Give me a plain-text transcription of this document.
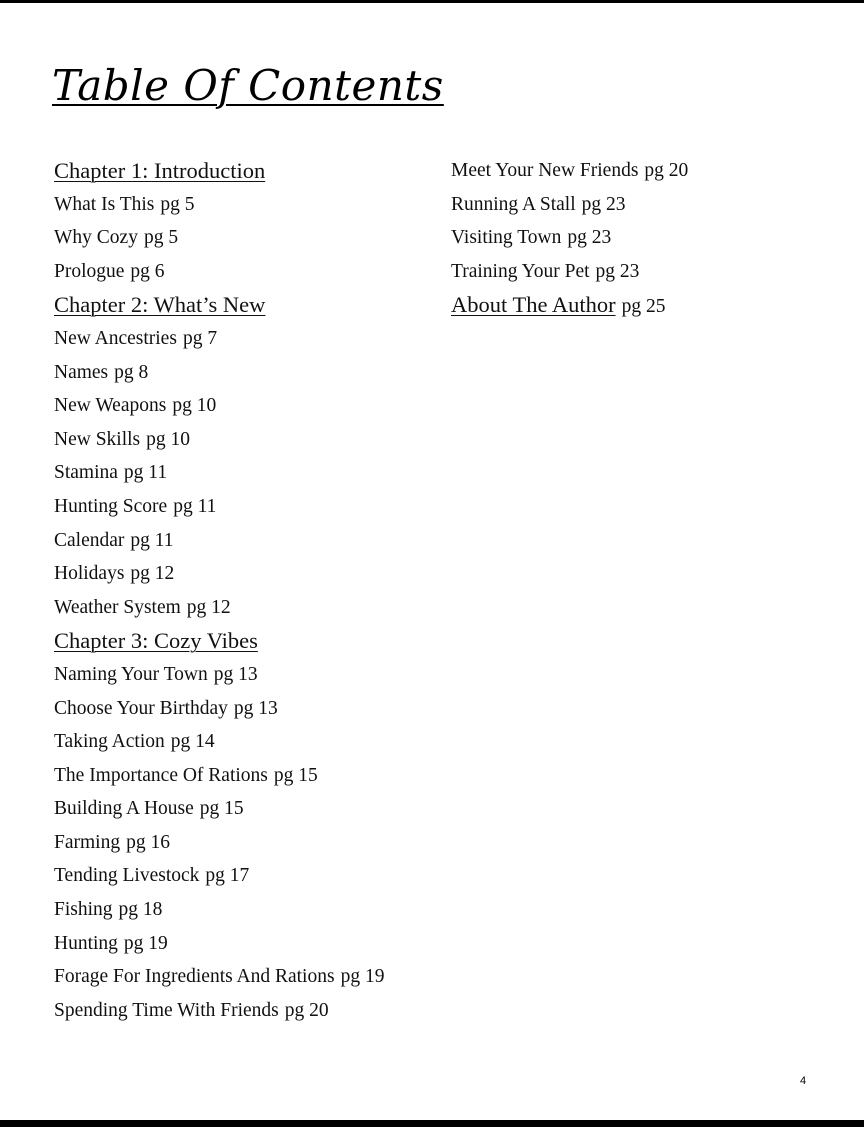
Table Of Contents
Chapter 1: Introduction
What Is This pg 5
Why Cozy pg 5
Prologue pg 6
Chapter 2: What’s New
New Ancestries pg 7
Names pg 8
New Weapons pg 10
New Skills pg 10
Stamina pg 11
Hunting Score pg 11
Calendar pg 11
Holidays pg 12
Weather System pg 12
Chapter 3: Cozy Vibes
Naming Your Town pg 13
Choose Your Birthday pg 13
Taking Action pg 14
The Importance Of Rations pg 15
Building A House pg 15
Farming pg 16
Tending Livestock pg 17
Fishing pg 18
Hunting pg 19
Forage For Ingredients And Rations pg 19
Spending Time With Friends pg 20
Meet Your New Friends pg 20
Running A Stall pg 23
Visiting Town pg 23
Training Your Pet pg 23
About The Author pg 25
4
